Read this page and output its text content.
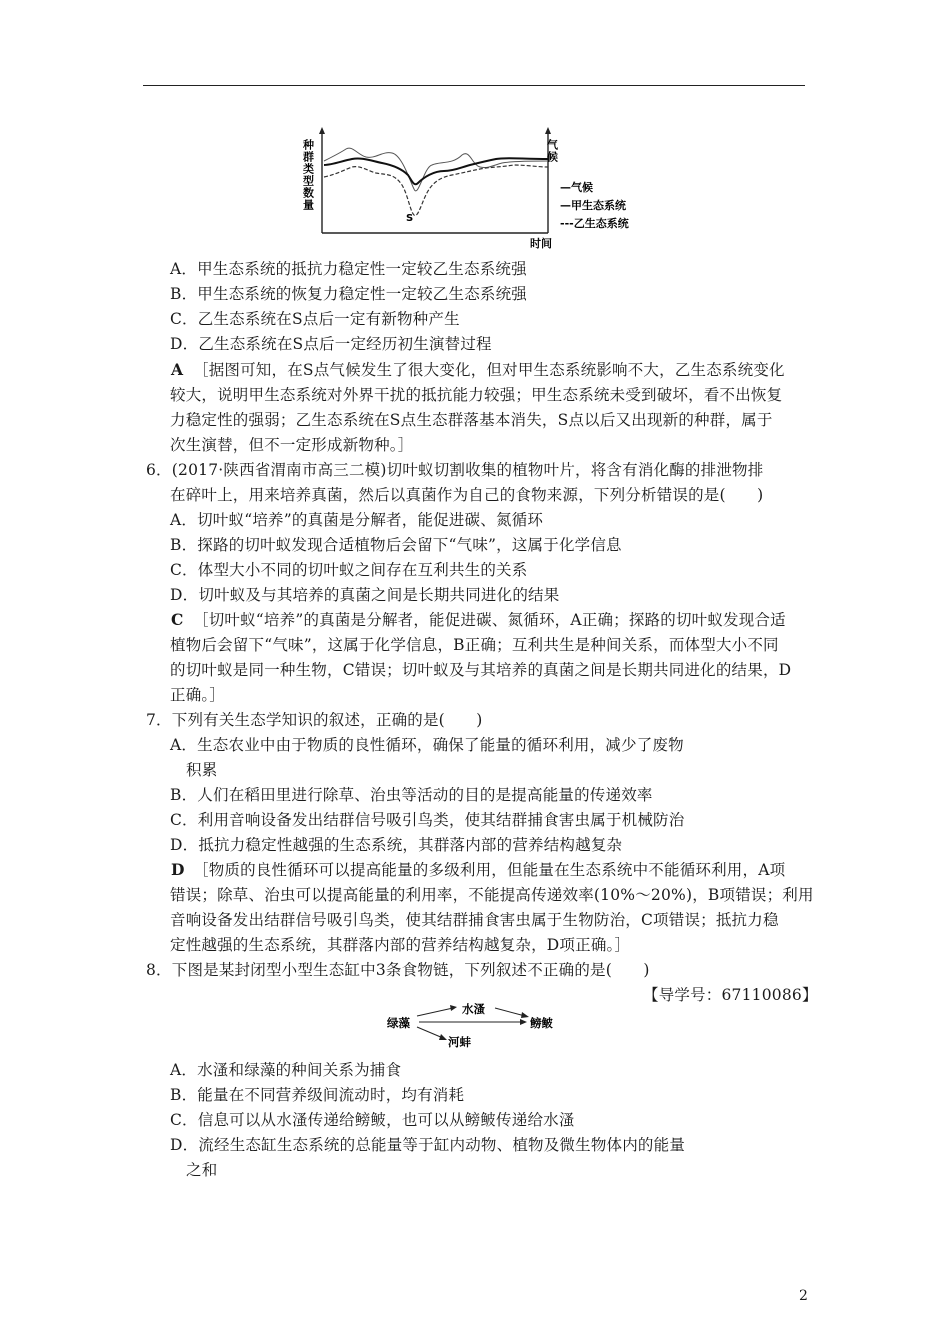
种群类型数量	气候
时间
S
—气候
—甲生态系统
---乙生态系统
A．甲生态系统的抵抗力稳定性一定较乙生态系统强
B．甲生态系统的恢复力稳定性一定较乙生态系统强
C．乙生态系统在S点后一定有新物种产生
D．乙生态系统在S点后一定经历初生演替过程
A ［据图可知，在S点气候发生了很大变化，但对甲生态系统影响不大，乙生态系统变化
较大，说明甲生态系统对外界干扰的抵抗能力较强；甲生态系统未受到破坏，看不出恢复
力稳定性的强弱；乙生态系统在S点生态群落基本消失，S点以后又出现新的种群，属于
次生演替，但不一定形成新物种。］
6．(2017·陕西省渭南市高三二模)切叶蚁切割收集的植物叶片，将含有消化酶的排泄物排
在碎叶上，用来培养真菌，然后以真菌作为自己的食物来源，下列分析错误的是(　　)
A．切叶蚁“培养”的真菌是分解者，能促进碳、氮循环
B．探路的切叶蚁发现合适植物后会留下“气味”，这属于化学信息
C．体型大小不同的切叶蚁之间存在互利共生的关系
D．切叶蚁及与其培养的真菌之间是长期共同进化的结果
C ［切叶蚁“培养”的真菌是分解者，能促进碳、氮循环，A正确；探路的切叶蚁发现合适
植物后会留下“气味”，这属于化学信息，B正确；互利共生是种间关系，而体型大小不同
的切叶蚁是同一种生物，C错误；切叶蚁及与其培养的真菌之间是长期共同进化的结果，D
正确。］
7．下列有关生态学知识的叙述，正确的是(　　)
A．生态农业中由于物质的良性循环，确保了能量的循环利用，减少了废物
积累
B．人们在稻田里进行除草、治虫等活动的目的是提高能量的传递效率
C．利用音响设备发出结群信号吸引鸟类，使其结群捕食害虫属于机械防治
D．抵抗力稳定性越强的生态系统，其群落内部的营养结构越复杂
D ［物质的良性循环可以提高能量的多级利用，但能量在生态系统中不能循环利用，A项
错误；除草、治虫可以提高能量的利用率，不能提高传递效率(10%～20%)，B项错误；利用
音响设备发出结群信号吸引鸟类，使其结群捕食害虫属于生物防治，C项错误；抵抗力稳
定性越强的生态系统，其群落内部的营养结构越复杂，D项正确。］
8．下图是某封闭型小型生态缸中3条食物链，下列叙述不正确的是(　　)
【导学号：67110086】
绿藻
水溞
河蚌
鳑鲏
A．水溞和绿藻的种间关系为捕食
B．能量在不同营养级间流动时，均有消耗
C．信息可以从水溞传递给鳑鲏，也可以从鳑鲏传递给水溞
D．流经生态缸生态系统的总能量等于缸内动物、植物及微生物体内的能量
之和
2
